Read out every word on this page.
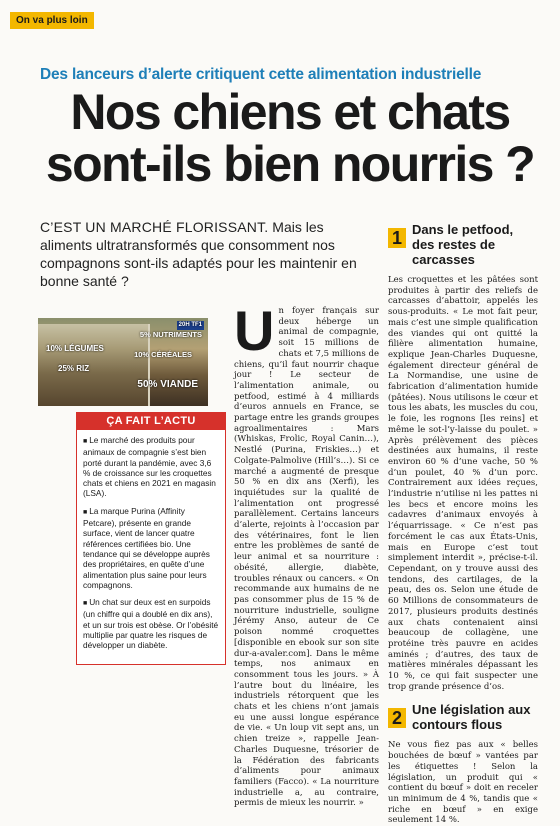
On va plus loin
Des lanceurs d’alerte critiquent cette alimentation industrielle
Nos chiens et chats
sont-ils bien nourris ?
C’EST UN MARCHÉ FLORISSANT. Mais les aliments ultratransformés que consomment nos compagnons sont-ils adaptés pour les maintenir en bonne santé ?
20H TF1
10% LÉGUMES
25% RIZ
5% NUTRIMENTS
10% CÉRÉALES
50% VIANDE
ÇA FAIT L’ACTU
■ Le marché des produits pour animaux de compagnie s’est bien porté durant la pandémie, avec 3,6 % de croissance sur les croquettes chats et chiens en 2021 en magasin (LSA).
■ La marque Purina (Affinity Petcare), présente en grande surface, vient de lancer quatre références certifiées bio. Une tendance qui se développe auprès des propriétaires, en quête d’une alimentation plus saine pour leurs compagnons.
■ Un chat sur deux est en surpoids (un chiffre qui a doublé en dix ans), et un sur trois est obèse. Or l’obésité multiplie par quatre les risques de développer un diabète.
Un foyer français sur deux héberge un animal de compagnie, soit 15 millions de chats et 7,5 millions de chiens, qu’il faut nourrir chaque jour ! Le secteur de l’alimentation animale, ou petfood, estimé à 4 milliards d’euros annuels en France, se partage entre les grands groupes agroalimentaires : Mars (Whiskas, Frolic, Royal Canin…), Nestlé (Purina, Friskies…) et Colgate-Palmolive (Hill’s…). Si ce marché a augmenté de presque 50 % en dix ans (Xerfi), les inquiétudes sur la qualité de l’alimentation ont progressé parallèlement. Certains lanceurs d’alerte, rejoints à l’occasion par des vétérinaires, font le lien entre les problèmes de santé de leur animal et sa nourriture : obésité, allergie, diabète, troubles rénaux ou cancers. « On recommande aux humains de ne pas consommer plus de 15 % de nourriture industrielle, souligne Jérémy Anso, auteur de Ce poison nommé croquettes [disponible en ebook sur son site dur-a-avaler.com]. Dans le même temps, nos animaux en consomment tous les jours. » À l’autre bout du linéaire, les industriels rétorquent que les chats et les chiens n’ont jamais eu une aussi longue espérance de vie. « Un loup vit sept ans, un chien treize », rappelle Jean-Charles Duquesne, trésorier de la Fédération des fabricants d’aliments pour animaux familiers (Facco). « La nourriture industrielle a, au contraire, permis de mieux les nourrir. »
1 Dans le petfood, des restes de carcasses

Les croquettes et les pâtées sont produites à partir des reliefs de carcasses d’abattoir, appelés les sous-produits. « Le mot fait peur, mais c’est une simple qualification des viandes qui ont quitté la filière alimentation humaine, explique Jean-Charles Duquesne, également directeur général de La Normandise, une usine de fabrication d’alimentation humide (pâtées). Nous utilisons le cœur et tous les abats, les muscles du cou, le foie, les rognons [les reins] et même le sot-l’y-laisse du poulet. » Après prélèvement des pièces destinées aux humains, il reste environ 60 % d’une vache, 50 % d’un poulet, 40 % d’un porc. Contrairement aux idées reçues, l’industrie n’utilise ni les pattes ni les becs et encore moins les cadavres d’animaux envoyés à l’équarrissage. « Ce n’est pas forcément le cas aux États-Unis, mais en Europe c’est tout simplement interdit », précise-t-il. Cependant, on y trouve aussi des tendons, des cartilages, de la peau, des os. Selon une étude de 60 Millions de consommateurs de 2017, plusieurs produits destinés aux chats contenaient ainsi beaucoup de collagène, une protéine très pauvre en acides aminés ; d’autres, des taux de matières minérales dépassant les 10 %, ce qui fait suspecter une trop grande présence d’os.

2 Une législation aux contours flous

Ne vous fiez pas aux « belles bouchées de bœuf » vantées par les étiquettes ! Selon la législation, un produit qui « contient du bœuf » doit en receler un minimum de 4 %, tandis que « riche en bœuf » en exige seulement 14 %.
